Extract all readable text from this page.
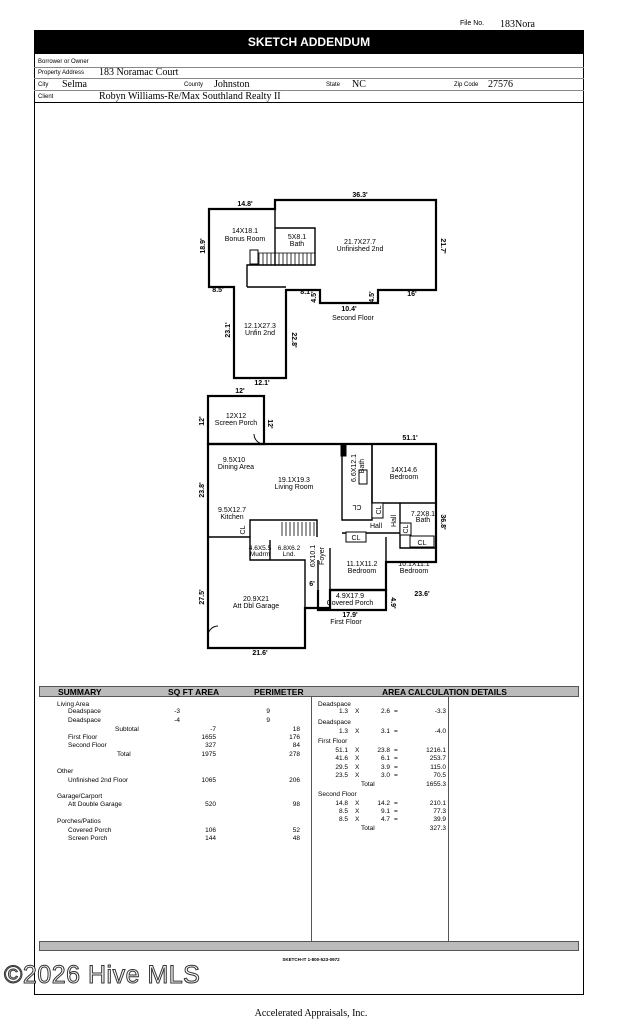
File No. 183Nora
SKETCH ADDENDUM
Borrower or Owner
Property Address 183 Noramac Court
City Selma	County Johnston	State NC	Zip Code 27576
Client	Robyn Williams-Re/Max Southland Realty II
14.8'
36.3'
18.9'	21.7'
8.5'	8.1' 4.5'
10.4'
4.5'	16'
23.1'
22.8'
12.1'
14X18.1
Bonus Room	5X8.1
Bath	21.7X27.7
Unfinished 2nd
12.1X27.3
Unfin 2nd
Second Floor
12'
12'	12'
51.1'
23.8'
36.8'
27.5'
21.6'
17.9'
4.9'
23.6'
6'
12X12
Screen Porch
9.5X10
Dining Area
19.1X19.3
Living Room
9.5X12.7
Kitchen
6.6X12.1 Bath	14X14.6
Bedroom
7.2X8.1
Bath
CL CL
CL
CL
CL
Hall Hall
CL
4.6X5.5
Mudrm
6.8X6.2
Lnd. 6X10.1 Foyer	11.1X11.2
Bedroom
10.1X11.1
Bedroom
20.9X21
Att Dbl Garage
4.9X17.9
Covered Porch
First Floor
SUMMARY	SQ FT AREA	PERIMETER	AREA CALCULATION DETAILS
Living Area
Deadspace	-3	9
Deadspace	-4	9
Subtotal	-7	18
First Floor	1655	176
Second Floor	327	84
Total	1975	278
Other
Unfinished 2nd Floor	1065	206
Garage/Carport
Att Double Garage	520	98
Porches/Patios
Covered Porch	106	52
Screen Porch	144	48
Deadspace
1.3 X	2.6 =	-3.3
Deadspace
1.3 X	3.1 =	-4.0
First Floor
51.1 X	23.8 =	1216.1
41.6 X	6.1 =	253.7
29.5 X	3.9 =	115.0
23.5 X	3.0 =	70.5
Total	1655.3
Second Floor
14.8 X	14.2 =	210.1
8.5 X	9.1 =	77.3
8.5 X	4.7 =	39.9
Total	327.3
SKETCH-IT 1-800-523-0972
©2026 Hive MLS
Accelerated Appraisals, Inc.
